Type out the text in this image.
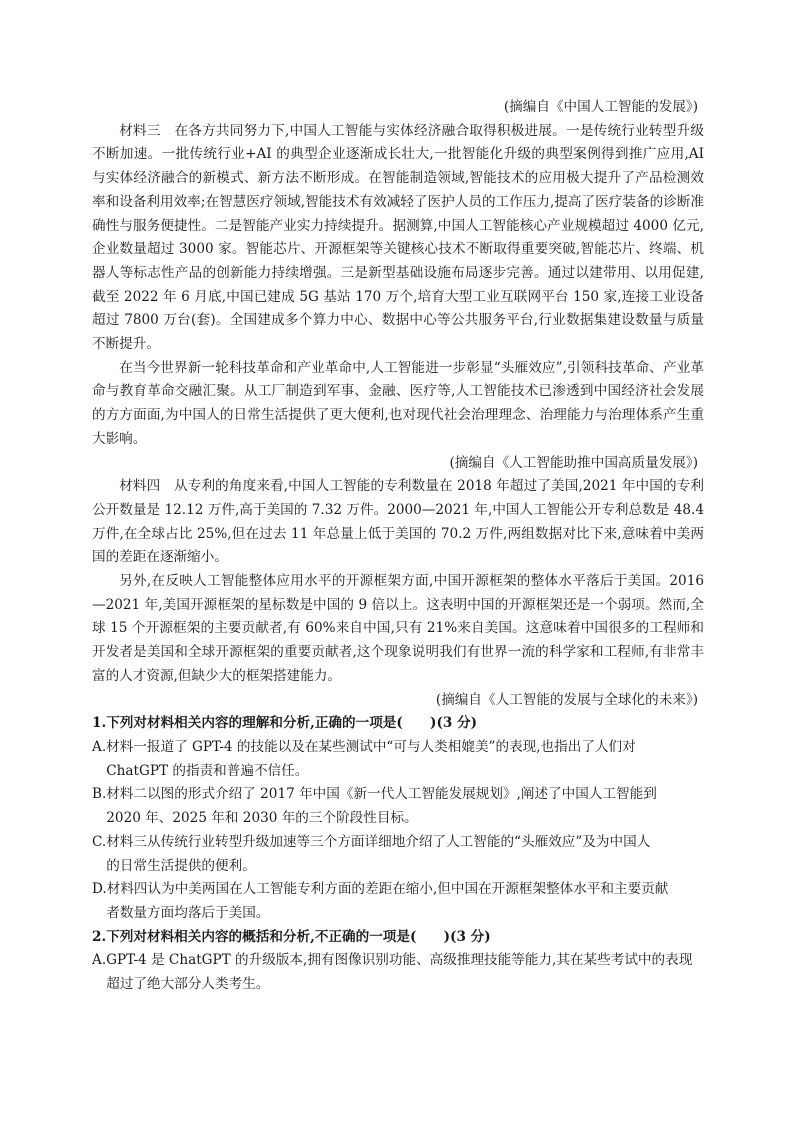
(摘编自《中国人工智能的发展》)

材料三　在各方共同努力下,中国人工智能与实体经济融合取得积极进展。一是传统行业转型升级不断加速。一批传统行业+AI 的典型企业逐渐成长壮大,一批智能化升级的典型案例得到推广应用,AI 与实体经济融合的新模式、新方法不断形成。在智能制造领域,智能技术的应用极大提升了产品检测效率和设备利用效率;在智慧医疗领域,智能技术有效减轻了医护人员的工作压力,提高了医疗装备的诊断准确性与服务便捷性。二是智能产业实力持续提升。据测算,中国人工智能核心产业规模超过 4000 亿元,企业数量超过 3000 家。智能芯片、开源框架等关键核心技术不断取得重要突破,智能芯片、终端、机器人等标志性产品的创新能力持续增强。三是新型基础设施布局逐步完善。通过以建带用、以用促建,截至 2022 年 6 月底,中国已建成 5G 基站 170 万个,培育大型工业互联网平台 150 家,连接工业设备超过 7800 万台(套)。全国建成多个算力中心、数据中心等公共服务平台,行业数据集建设数量与质量不断提升。

在当今世界新一轮科技革命和产业革命中,人工智能进一步彰显“头雁效应”,引领科技革命、产业革命与教育革命交融汇聚。从工厂制造到军事、金融、医疗等,人工智能技术已渗透到中国经济社会发展的方方面面,为中国人的日常生活提供了更大便利,也对现代社会治理理念、治理能力与治理体系产生重大影响。

(摘编自《人工智能助推中国高质量发展》)

材料四　从专利的角度来看,中国人工智能的专利数量在 2018 年超过了美国,2021 年中国的专利公开数量是 12.12 万件,高于美国的 7.32 万件。2000—2021 年,中国人工智能公开专利总数是 48.4 万件,在全球占比 25%,但在过去 11 年总量上低于美国的 70.2 万件,两组数据对比下来,意味着中美两国的差距在逐渐缩小。

另外,在反映人工智能整体应用水平的开源框架方面,中国开源框架的整体水平落后于美国。2016—2021 年,美国开源框架的星标数是中国的 9 倍以上。这表明中国的开源框架还是一个弱项。然而,全球 15 个开源框架的主要贡献者,有 60%来自中国,只有 21%来自美国。这意味着中国很多的工程师和开发者是美国和全球开源框架的重要贡献者,这个现象说明我们有世界一流的科学家和工程师,有非常丰富的人才资源,但缺少大的框架搭建能力。

(摘编自《人工智能的发展与全球化的未来》)

1.下列对材料相关内容的理解和分析,正确的一项是(　　)(3 分)

A.材料一报道了 GPT-4 的技能以及在某些测试中“可与人类相媲美”的表现,也指出了人们对

ChatGPT 的指责和普遍不信任。

B.材料二以图的形式介绍了 2017 年中国《新一代人工智能发展规划》,阐述了中国人工智能到

2020 年、2025 年和 2030 年的三个阶段性目标。

C.材料三从传统行业转型升级加速等三个方面详细地介绍了人工智能的“头雁效应”及为中国人

的日常生活提供的便利。

D.材料四认为中美两国在人工智能专利方面的差距在缩小,但中国在开源框架整体水平和主要贡献

者数量方面均落后于美国。

2.下列对材料相关内容的概括和分析,不正确的一项是(　　)(3 分)

A.GPT-4 是 ChatGPT 的升级版本,拥有图像识别功能、高级推理技能等能力,其在某些考试中的表现

超过了绝大部分人类考生。
